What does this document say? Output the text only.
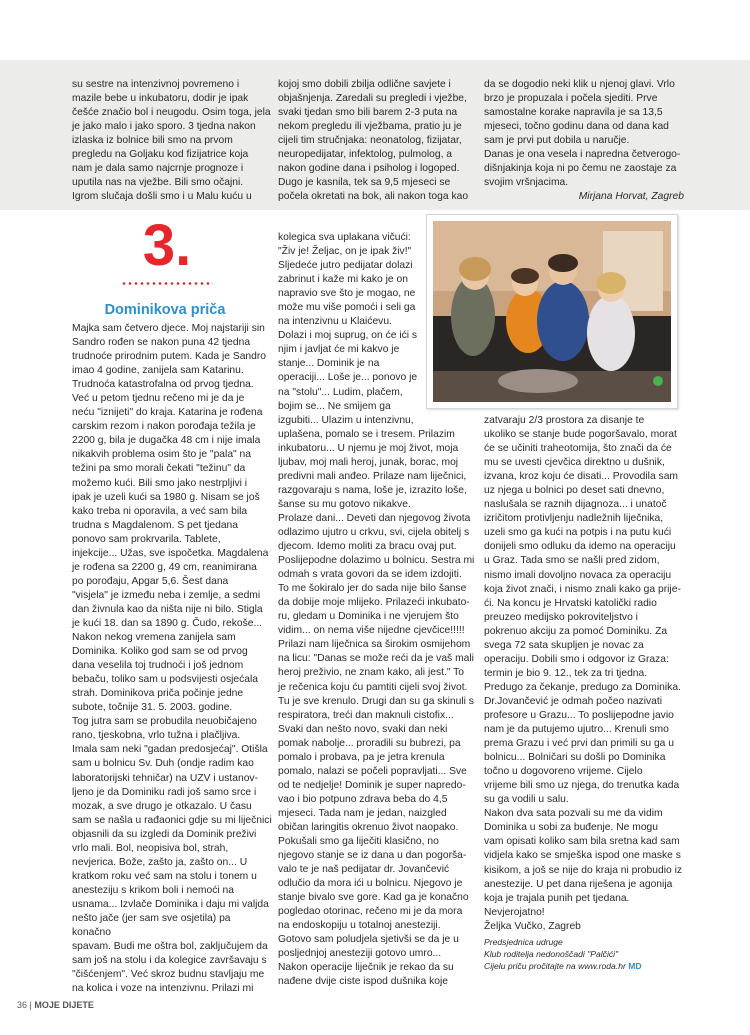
su sestre na intenzivnoj povremeno i

mazile bebe u inkubatoru, dodir je ipak

češće značio bol i neugodu. Osim toga, jela

je jako malo i jako sporo. 3 tjedna nakon

izlaska iz bolnice bili smo na prvom

pregledu na Goljaku kod fizijatrice koja

nam je dala samo najcrnje prognoze i

uputila nas na vježbe. Bili smo očajni.

Igrom slučaja došli smo i u Malu kuću u

kojoj smo dobili zbilja odlične savjete i

objašnjenja. Zaredali su pregledi i vježbe,

svaki tjedan smo bili barem 2-3 puta na

nekom pregledu ili vježbama, pratio ju je

cijeli tim stručnjaka: neonatolog, fizijatar,

neuropedijatar, infektolog, pulmolog, a

nakon godine dana i psiholog i logoped.

Dugo je kasnila, tek sa 9,5 mjeseci se

počela okretati na bok, ali nakon toga kao

da se dogodio neki klik u njenoj glavi. Vrlo

brzo je propuzala i počela sjediti. Prve

samostalne korake napravila je sa 13,5

mjeseci, točno godinu dana od dana kad

sam je prvi put dobila u naručje.

Danas je ona vesela i napredna četverogo-

dišnjakinja koja ni po čemu ne zaostaje za

svojim vršnjacima.

Mirjana Horvat, Zagreb
3.
Dominikova priča

Majka sam četvero djece. Moj najstariji sin

Sandro rođen se nakon puna 42 tjedna

trudnoće prirodnim putem. Kada je Sandro

imao 4 godine, zanijela sam Katarinu.

Trudnoća katastrofalna od prvog tjedna.

Već u petom tjednu rečeno mi je da je

neću "iznijeti" do kraja. Katarina je rođena

carskim rezom i nakon porođaja težila je

2200 g, bila je dugačka 48 cm i nije imala

nikakvih problema osim što je "pala" na

težini pa smo morali čekati "težinu" da

možemo kući. Bili smo jako nestrpljivi i

ipak je uzeli kući sa 1980 g. Nisam se još

kako treba ni oporavila, a već sam bila

trudna s Magdalenom. S pet tjedana

ponovo sam prokrvarila. Tablete,

injekcije... Užas, sve ispočetka. Magdalena

je rođena sa 2200 g, 49 cm, reanimirana

po porođaju, Apgar 5,6. Šest dana

"visjela" je između neba i zemlje, a sedmi

dan živnula kao da ništa nije ni bilo. Stigla

je kući 18. dan sa 1890 g. Čudo, rekoše...

Nakon nekog vremena zanijela sam

Dominika. Koliko god sam se od prvog

dana veselila toj trudnoći i još jednom

bebaču, toliko sam u podsvijesti osjećala

strah. Dominikova priča počinje jedne

subote, točnije 31. 5. 2003. godine.

Tog jutra sam se probudila neuobičajeno

rano, tjeskobna, vrlo tužna i plačljiva.

Imala sam neki "gadan predosjećaj". Otišla

sam u bolnicu Sv. Duh (ondje radim kao

laboratorijski tehničar) na UZV i ustanov-

ljeno je da Dominiku radi još samo srce i

mozak, a sve drugo je otkazalo. U času

sam se našla u rađaonici gdje su mi liječnici

objasnili da su izgledi da Dominik preživi

vrlo mali. Bol, neopisiva bol, strah,

nevjerica. Bože, zašto ja, zašto on... U

kratkom roku već sam na stolu i tonem u

anesteziju s krikom boli i nemoći na

usnama... Izvlače Dominika i daju mi valjda

nešto jače (jer sam sve osjetila) pa konačno

spavam. Budi me oštra bol, zaključujem da

sam još na stolu i da kolegice završavaju s

"čišćenjem". Već skroz budnu stavljaju me

na kolica i voze na intenzivnu. Prilazi mi

kolegica sva uplakana vičući:

"Živ je! Željac, on je ipak živ!"

Sljedeće jutro pedijatar dolazi

zabrinut i kaže mi kako je on

napravio sve što je mogao, ne

može mu više pomoći i seli ga

na intenzivnu u Klaićevu.

Dolazi i moj suprug, on će ići s

njim i javljat će mi kakvo je

stanje... Dominik je na

operaciji... Loše je... ponovo je

na "stolu"... Ludim, plačem,

bojim se... Ne smijem ga

izgubiti... Ulazim u intenzivnu,

uplašena, pomalo se i tresem. Prilazim

inkubatoru... U njemu je moj život, moja

ljubav, moj mali heroj, junak, borac, moj

predivni mali anđeo. Prilaze nam liječnici,

razgovaraju s nama, loše je, izrazito loše,

šanse su mu gotovo nikakve.

Prolaze dani... Deveti dan njegovog života

odlazimo ujutro u crkvu, svi, cijela obitelj s

djecom. Idemo moliti za bracu ovaj put.

Poslijepodne dolazimo u bolnicu. Sestra mi

odmah s vrata govori da se idem izdojiti.

To me šokiralo jer do sada nije bilo šanse

da dobije moje mlijeko. Prilazeći inkubato-

ru, gledam u Dominika i ne vjerujem što

vidim... on nema više nijedne cjevčice!!!!!

Prilazi nam liječnica sa širokim osmijehom

na licu: "Danas se može reći da je vaš mali

heroj preživio, ne znam kako, ali jest." To

je rečenica koju ću pamtiti cijeli svoj život.

Tu je sve krenulo. Drugi dan su ga skinuli s

respiratora, treći dan maknuli cistofix...

Svaki dan nešto novo, svaki dan neki

pomak nabolje... proradili su bubrezi, pa

pomalo i probava, pa je jetra krenula

pomalo, nalazi se počeli popravljati... Sve

od te nedjelje! Dominik je super napredo-

vao i bio potpuno zdrava beba do 4,5

mjeseci. Tada nam je jedan, naizgled

običan laringitis okrenuo život naopako.

Pokušali smo ga liječiti klasično, no

njegovo stanje se iz dana u dan pogorša-

valo te je naš pedijatar dr. Jovančević

odlučio da mora ići u bolnicu. Njegovo je

stanje bivalo sve gore. Kad ga je konačno

pogledao otorinac, rečeno mi je da mora

na endoskopiju u totalnoj anesteziji.

Gotovo sam poludjela sjetivši se da je u

posljednjoj anesteziji gotovo umro...

Nakon operacije liječnik je rekao da su

nađene dvije ciste ispod dušnika koje

zatvaraju 2/3 prostora za disanje te

ukoliko se stanje bude pogoršavalo, morat

će se učiniti traheotomija, što znači da će

mu se uvesti cjevčica direktno u dušnik,

izvana, kroz koju će disati... Provodila sam

uz njega u bolnici po deset sati dnevno,

naslušala se raznih dijagnoza... i unatoč

izričitom protivljenju nadležnih liječnika,

uzeli smo ga kući na potpis i na putu kući

donijeli smo odluku da idemo na operaciju

u Graz. Tada smo se našli pred zidom,

nismo imali dovoljno novaca za operaciju

koja život znači, i nismo znali kako ga prije-

ći. Na koncu je Hrvatski katolički radio

preuzeo medijsko pokroviteljstvo i

pokrenuo akciju za pomoć Dominiku. Za

svega 72 sata skupljen je novac za

operaciju. Dobili smo i odgovor iz Graza:

termin je bio 9. 12., tek za tri tjedna.

Predugo za čekanje, predugo za Dominika.

Dr.Jovančević je odmah počeo nazivati

profesore u Grazu... To poslijepodne javio

nam je da putujemo ujutro... Krenuli smo

prema Grazu i već prvi dan primili su ga u

bolnicu... Bolničari su došli po Dominika

točno u dogovoreno vrijeme. Cijelo

vrijeme bili smo uz njega, do trenutka kada

su ga vodili u salu.

Nakon dva sata pozvali su me da vidim

Dominika u sobi za buđenje. Ne mogu

vam opisati koliko sam bila sretna kad sam

vidjela kako se smješka ispod one maske s

kisikom, a još se nije do kraja ni probudio iz

anestezije. U pet dana riješena je agonija

koja je trajala punih pet tjedana.

Nevjerojatno!

Željka Vučko, Zagreb

Predsjednica udruge
Klub roditelja nedonoščadi "Palčići"
Cijelu priču pročitajte na www.roda.hr MD
36 | MOJE DIJETE
